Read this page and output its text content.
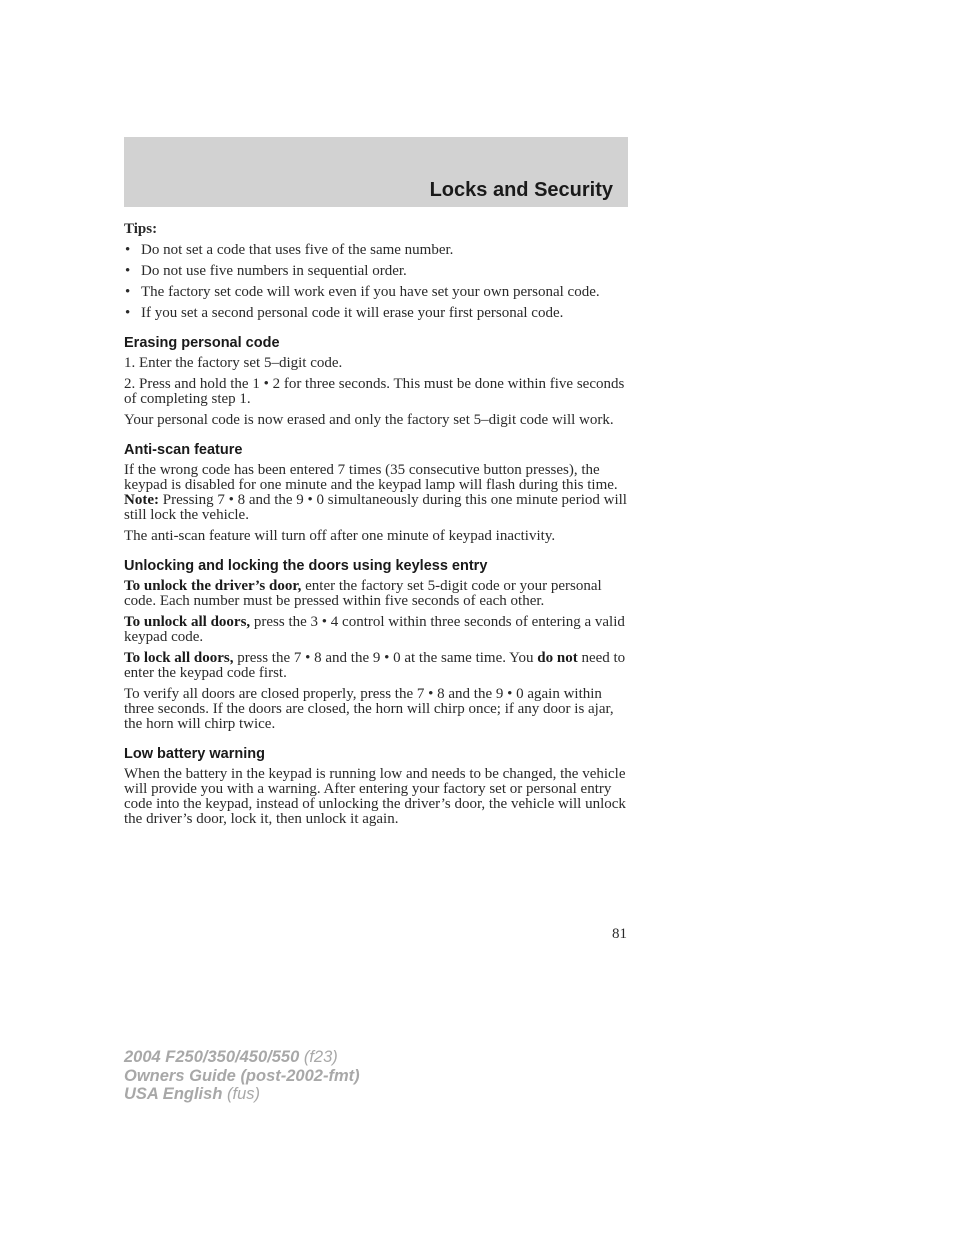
Locks and Security
Tips:
• Do not set a code that uses five of the same number.
• Do not use five numbers in sequential order.
• The factory set code will work even if you have set your own personal code.
• If you set a second personal code it will erase your first personal code.
Erasing personal code

1. Enter the factory set 5–digit code.

2. Press and hold the 1 • 2 for three seconds. This must be done within five seconds of completing step 1.

Your personal code is now erased and only the factory set 5–digit code will work.

Anti-scan feature

If the wrong code has been entered 7 times (35 consecutive button presses), the keypad is disabled for one minute and the keypad lamp will flash during this time. Note: Pressing 7 • 8 and the 9 • 0 simultaneously during this one minute period will still lock the vehicle.

The anti-scan feature will turn off after one minute of keypad inactivity.

Unlocking and locking the doors using keyless entry

To unlock the driver’s door, enter the factory set 5-digit code or your personal code. Each number must be pressed within five seconds of each other.

To unlock all doors, press the 3 • 4 control within three seconds of entering a valid keypad code.

To lock all doors, press the 7 • 8 and the 9 • 0 at the same time. You do not need to enter the keypad code first.

To verify all doors are closed properly, press the 7 • 8 and the 9 • 0 again within three seconds. If the doors are closed, the horn will chirp once; if any door is ajar, the horn will chirp twice.

Low battery warning

When the battery in the keypad is running low and needs to be changed, the vehicle will provide you with a warning. After entering your factory set or personal entry code into the keypad, instead of unlocking the driver’s door, the vehicle will unlock the driver’s door, lock it, then unlock it again.

81
2004 F250/350/450/550 (f23)
Owners Guide (post-2002-fmt)
USA English (fus)
